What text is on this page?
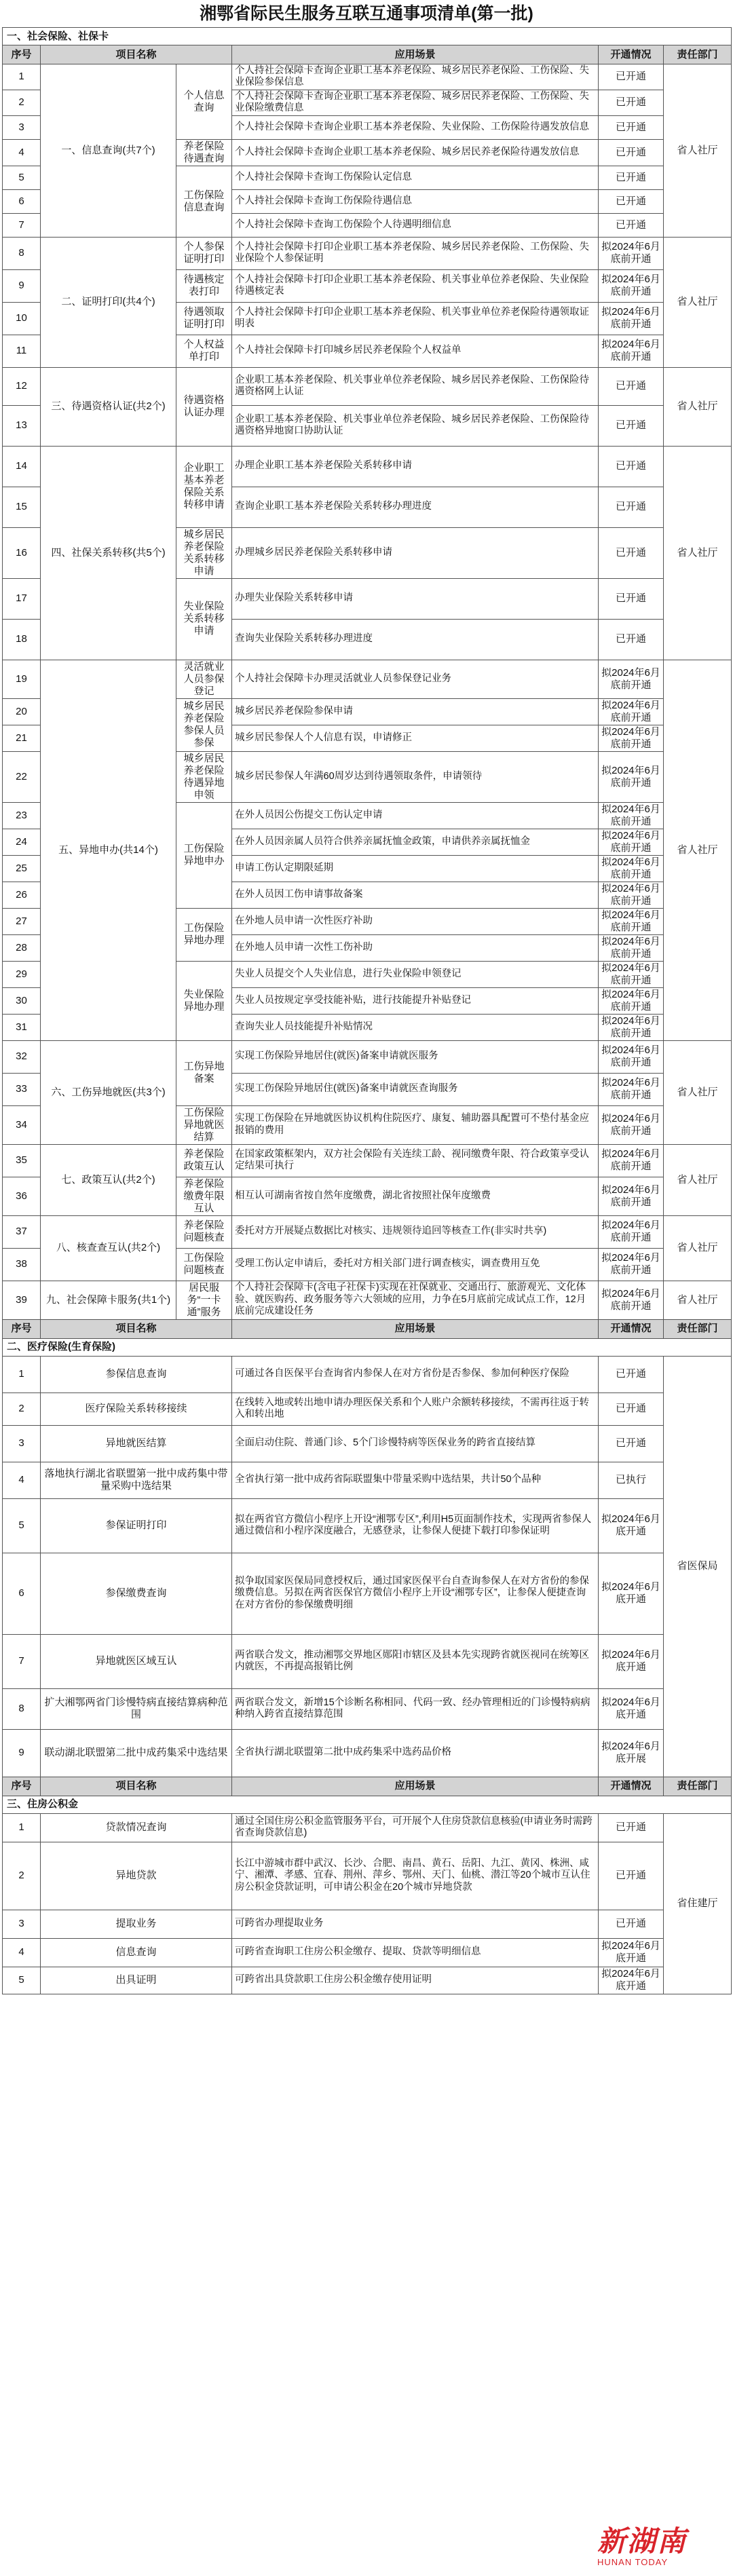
湘鄂省际民生服务互联互通事项清单(第一批)
一、社会保险、社保卡					
序号	项目名称		应用场景	开通情况	责任部门
1	一、信息查询(共7个)	个人信息查询	个人持社会保障卡查询企业职工基本养老保险、城乡居民养老保险、工伤保险、失业保险参保信息	已开通	省人社厅
2			个人持社会保障卡查询企业职工基本养老保险、城乡居民养老保险、工伤保险、失业保险缴费信息	已开通	
3			个人持社会保障卡查询企业职工基本养老保险、失业保险、工伤保险待遇发放信息	已开通	
4		养老保险待遇查询	个人持社会保障卡查询企业职工基本养老保险、城乡居民养老保险待遇发放信息	已开通	
5		工伤保险信息查询	个人持社会保障卡查询工伤保险认定信息	已开通	
6			个人持社会保障卡查询工伤保险待遇信息	已开通	
7			个人持社会保障卡查询工伤保险个人待遇明细信息	已开通	
8	二、证明打印(共4个)	个人参保证明打印	个人持社会保障卡打印企业职工基本养老保险、城乡居民养老保险、工伤保险、失业保险个人参保证明	拟2024年6月底前开通	省人社厅
9		待遇核定表打印	个人持社会保障卡打印企业职工基本养老保险、机关事业单位养老保险、失业保险待遇核定表	拟2024年6月底前开通	
10		待遇领取证明打印	个人持社会保障卡打印企业职工基本养老保险、机关事业单位养老保险待遇领取证明表	拟2024年6月底前开通	
11		个人权益单打印	个人持社会保障卡打印城乡居民养老保险个人权益单	拟2024年6月底前开通	
12	三、待遇资格认证(共2个)	待遇资格认证办理	企业职工基本养老保险、机关事业单位养老保险、城乡居民养老保险、工伤保险待遇资格网上认证	已开通	省人社厅
13			企业职工基本养老保险、机关事业单位养老保险、城乡居民养老保险、工伤保险待遇资格异地窗口协助认证	已开通	
14	四、社保关系转移(共5个)	企业职工基本养老保险关系转移申请	办理企业职工基本养老保险关系转移申请	已开通	省人社厅
15			查询企业职工基本养老保险关系转移办理进度	已开通	
16		城乡居民养老保险关系转移申请	办理城乡居民养老保险关系转移申请	已开通	
17		失业保险关系转移申请	办理失业保险关系转移申请	已开通	
18			查询失业保险关系转移办理进度	已开通	
19	五、异地申办(共14个)	灵活就业人员参保登记	个人持社会保障卡办理灵活就业人员参保登记业务	拟2024年6月底前开通	省人社厅
20		城乡居民养老保险参保人员参保	城乡居民养老保险参保申请	拟2024年6月底前开通	
21			城乡居民参保人个人信息有误，申请修正	拟2024年6月底前开通	
22		城乡居民养老保险待遇异地申领	城乡居民参保人年满60周岁达到待遇领取条件，申请领待	拟2024年6月底前开通	
23		工伤保险异地申办	在外人员因公伤提交工伤认定申请	拟2024年6月底前开通	
24			在外人员因亲属人员符合供养亲属抚恤金政策，申请供养亲属抚恤金	拟2024年6月底前开通	
25			申请工伤认定期限延期	拟2024年6月底前开通	
26			在外人员因工伤申请事故备案	拟2024年6月底前开通	
27		工伤保险异地办理	在外地人员申请一次性医疗补助	拟2024年6月底前开通	
28			在外地人员申请一次性工伤补助	拟2024年6月底前开通	
29		失业保险异地办理	失业人员提交个人失业信息，进行失业保险申领登记	拟2024年6月底前开通	
30			失业人员按规定享受技能补贴，进行技能提升补贴登记	拟2024年6月底前开通	
31			查询失业人员技能提升补贴情况	拟2024年6月底前开通	
32	六、工伤异地就医(共3个)	工伤异地备案	实现工伤保险异地居住(就医)备案申请就医服务	拟2024年6月底前开通	省人社厅
33			实现工伤保险异地居住(就医)备案申请就医查询服务	拟2024年6月底前开通	
34		工伤保险异地就医结算	实现工伤保险在异地就医协议机构住院医疗、康复、辅助器具配置可不垫付基金应报销的费用	拟2024年6月底前开通	
35	七、政策互认(共2个)	养老保险政策互认	在国家政策框架内，双方社会保险有关连续工龄、视同缴费年限、符合政策享受认定结果可执行	拟2024年6月底前开通	省人社厅
36		养老保险缴费年限互认	相互认可湖南省按自然年度缴费，湖北省按照社保年度缴费	拟2024年6月底前开通	
37	八、核查查互认(共2个)	养老保险问题核查	委托对方开展疑点数据比对核实、违规领待追回等核查工作(非实时共享)	拟2024年6月底前开通	省人社厅
38		工伤保险问题核查	受理工伤认定申请后，委托对方相关部门进行调查核实，调查费用互免	拟2024年6月底前开通	
39	九、社会保障卡服务(共1个)	居民服务“一卡通”服务	个人持社会保障卡(含电子社保卡)实现在社保就业、交通出行、旅游观光、文化体验、就医购药、政务服务等六大领域的应用，力争在5月底前完成试点工作，12月底前完成建设任务	拟2024年6月底前开通	省人社厅
序号	项目名称		应用场景	开通情况	责任部门
二、医疗保险(生育保险)					
1	参保信息查询		可通过各自医保平台查询省内参保人在对方省份是否参保、参加何种医疗保险	已开通	省医保局
2	医疗保险关系转移接续		在线转入地或转出地申请办理医保关系和个人账户余额转移接续，不需再往返于转入和转出地	已开通	
3	异地就医结算		全面启动住院、普通门诊、5个门诊慢特病等医保业务的跨省直接结算	已开通	
4	落地执行湖北省联盟第一批中成药集中带量采购中选结果		全省执行第一批中成药省际联盟集中带量采购中选结果，共计50个品种	已执行	
5	参保证明打印		拟在两省官方微信小程序上开设“湘鄂专区”,利用H5页面制作技术，实现两省参保人通过微信和小程序深度融合，无感登录，让参保人便捷下载打印参保证明	拟2024年6月底开通	
6	参保缴费查询		拟争取国家医保局同意授权后，通过国家医保平台自查询参保人在对方省份的参保缴费信息。另拟在两省医保官方微信小程序上开设“湘鄂专区”，让参保人便捷查询在对方省份的参保缴费明细	拟2024年6月底开通	
7	异地就医区域互认		两省联合发文，推动湘鄂交界地区郧阳市辖区及县本先实现跨省就医视同在统筹区内就医，不再提高报销比例	拟2024年6月底开通	
8	扩大湘鄂两省门诊慢特病直接结算病种范围		两省联合发文，新增15个诊断名称相同、代码一致、经办管理相近的门诊慢特病病种纳入跨省直接结算范围	拟2024年6月底开通	
9	联动湖北联盟第二批中成药集采中选结果		全省执行湖北联盟第二批中成药集采中选药品价格	拟2024年6月底开展	
序号	项目名称		应用场景	开通情况	责任部门
三、住房公积金					
1	贷款情况查询		通过全国住房公积金监管服务平台，可开展个人住房贷款信息核验(申请业务时需跨省查询贷款信息)	已开通	省住建厅
2	异地贷款		长江中游城市群中武汉、长沙、合肥、南昌、黄石、岳阳、九江、黄冈、株洲、咸宁、湘潭、孝感、宜春、荆州、萍乡、鄂州、天门、仙桃、潜江等20个城市互认住房公积金贷款证明，可申请公积金在20个城市异地贷款	已开通	
3	提取业务		可跨省办理提取业务	已开通	
4	信息查询		可跨省查询职工住房公积金缴存、提取、贷款等明细信息	拟2024年6月底开通	
5	出具证明		可跨省出具贷款职工住房公积金缴存使用证明	拟2024年6月底开通	
新湖南
HUNAN TODAY
